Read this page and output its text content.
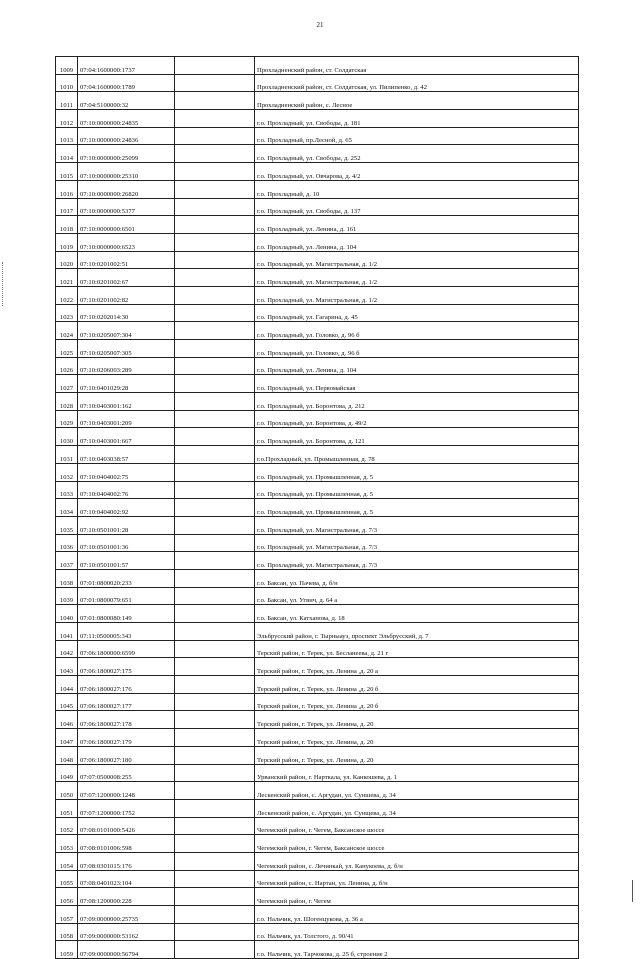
21
1009	07:04:1600000:1737		Прохладненский район, ст. Солдатская
1010	07:04:1600000:1789		Прохладненский район, ст. Солдатская, ул. Пилипенко, д. 42
1011	07:04:5100000:32		Прохладненский район, с. Лесное
1012	07:10:0000000:24835		г.о. Прохладный, ул. Свободы, д. 181
1013	07:10:0000000:24836		г.о. Прохладный, пр.Лесной, д. 65
1014	07:10:0000000:25099		г.о. Прохладный, ул. Свободы, д. 252
1015	07:10:0000000:25310		г.о. Прохладный, ул. Овчарова, д. 4/2
1016	07:10:0000000:26820		г.о. Прохладный, д. 10
1017	07:10:0000000:5377		г.о. Прохладный, ул. Свободы, д. 137
1018	07:10:0000000:6501		г.о. Прохладный, ул. Ленина, д. 161
1019	07:10:0000000:6523		г.о. Прохладный, ул. Ленина, д. 104
1020	07:10:0201002:51		г.о. Прохладный, ул. Магистральная, д. 1/2
1021	07:10:0201002:67		г.о. Прохладный, ул. Магистральная, д. 1/2
1022	07:10:0201002:82		г.о. Прохладный, ул. Магистральная, д. 1/2
1023	07:10:0202014:30		г.о. Прохладный, ул. Гагарина, д. 45
1024	07:10:0205007:304		г.о. Прохладный, ул. Головко, д. 96 б
1025	07:10:0205007:305		г.о. Прохладный, ул. Головко, д. 96 б
1026	07:10:0206003:289		г.о. Прохладный, ул. Ленина, д. 104
1027	07:10:0401029:28		г.о. Прохладный, ул. Первомайская
1028	07:10:0403001:162		г.о. Прохладный, ул. Боронтова, д. 212
1029	07:10:0403001:209		г.о. Прохладный, ул. Боронтова, д. 49/2
1030	07:10:0403001:667		г.о. Прохладный, ул. Боронтова, д. 121
1031	07:10:0403038:57		г.о.Прохладный, ул. Промышленная, д. 78
1032	07:10:0404002:75		г.о. Прохладный, ул. Промышленная, д. 5
1033	07:10:0404002:76		г.о. Прохладный, ул. Промышленная, д. 5
1034	07:10:0404002:92		г.о. Прохладный, ул. Промышленная, д. 5
1035	07:10:0501001:28		г.о. Прохладный, ул. Магистральная, д. 7/3
1036	07:10:0501001:36		г.о. Прохладный, ул. Магистральная, д. 7/3
1037	07:10:0501001:57		г.о. Прохладный, ул. Магистральная, д. 7/3
1038	07:01:0800020:233		г.о. Баксан, ул. Пачева, д. б/н
1039	07:01:0800079:651		г.о. Баксан, ул. Угвич, д. 64 а
1040	07:01:0800080:149		г.о. Баксан, ул. Катханова, д. 18
1041	07:11:0500005:343		Эльбрусский район, г. Тырныауз, проспект Эльбрусский, д. 7
1042	07:06:1800000:6599		Терский район, г. Терек, ул. Бесланеева, д. 21 г
1043	07:06:1800027:175		Терский район, г. Терек, ул. Ленина ,д. 20 а
1044	07:06:1800027:176		Терский район, г. Терек, ул. Ленина ,д. 20 б
1045	07:06:1800027:177		Терский район, г. Терек, ул. Ленина ,д. 20 б
1046	07:06:1800027:178		Терский район, г. Терек, ул. Ленина, д. 20
1047	07:06:1800027:179		Терский район, г. Терек, ул. Ленина, д. 20
1048	07:06:1800027:180		Терский район, г. Терек, ул. Ленина, д. 20
1049	07:07:0500008:255		Урванский район, г. Нарткала, ул. Канкошева, д. 1
1050	07:07:1200000:1248		Лескенский район, с. Аргудан, ул. Суншева, д. 34
1051	07:07:1200000:1752		Лескенский район, с. Аргудан, ул. Сунщева, д. 34
1052	07:08:0101000:5426		Чегемский район, г. Чегем, Баксанское шоссе
1053	07:08:0101006:598		Чегемский район, г. Чегем, Баксанское шоссе
1054	07:08:0301015:176		Чегемский район, с. Лечинкай, ул. Канукоева, д. б/н
1055	07:08:0401023:104		Чегемский район, с. Нартан, ул. Ленина, д. б/н
1056	07:08:1200000:228		Чегемский район, г. Чегем
1057	07:09:0000000:25735		г.о. Нальчик, ул. Шогенцукова, д. 36 а
1058	07:09:0000000:53162		г.о. Нальчик, ул. Толстого, д. 90/41
1059	07:09:0000000:56794		г.о. Нальчик, ул. Тарчокова, д. 25 б, строение 2
